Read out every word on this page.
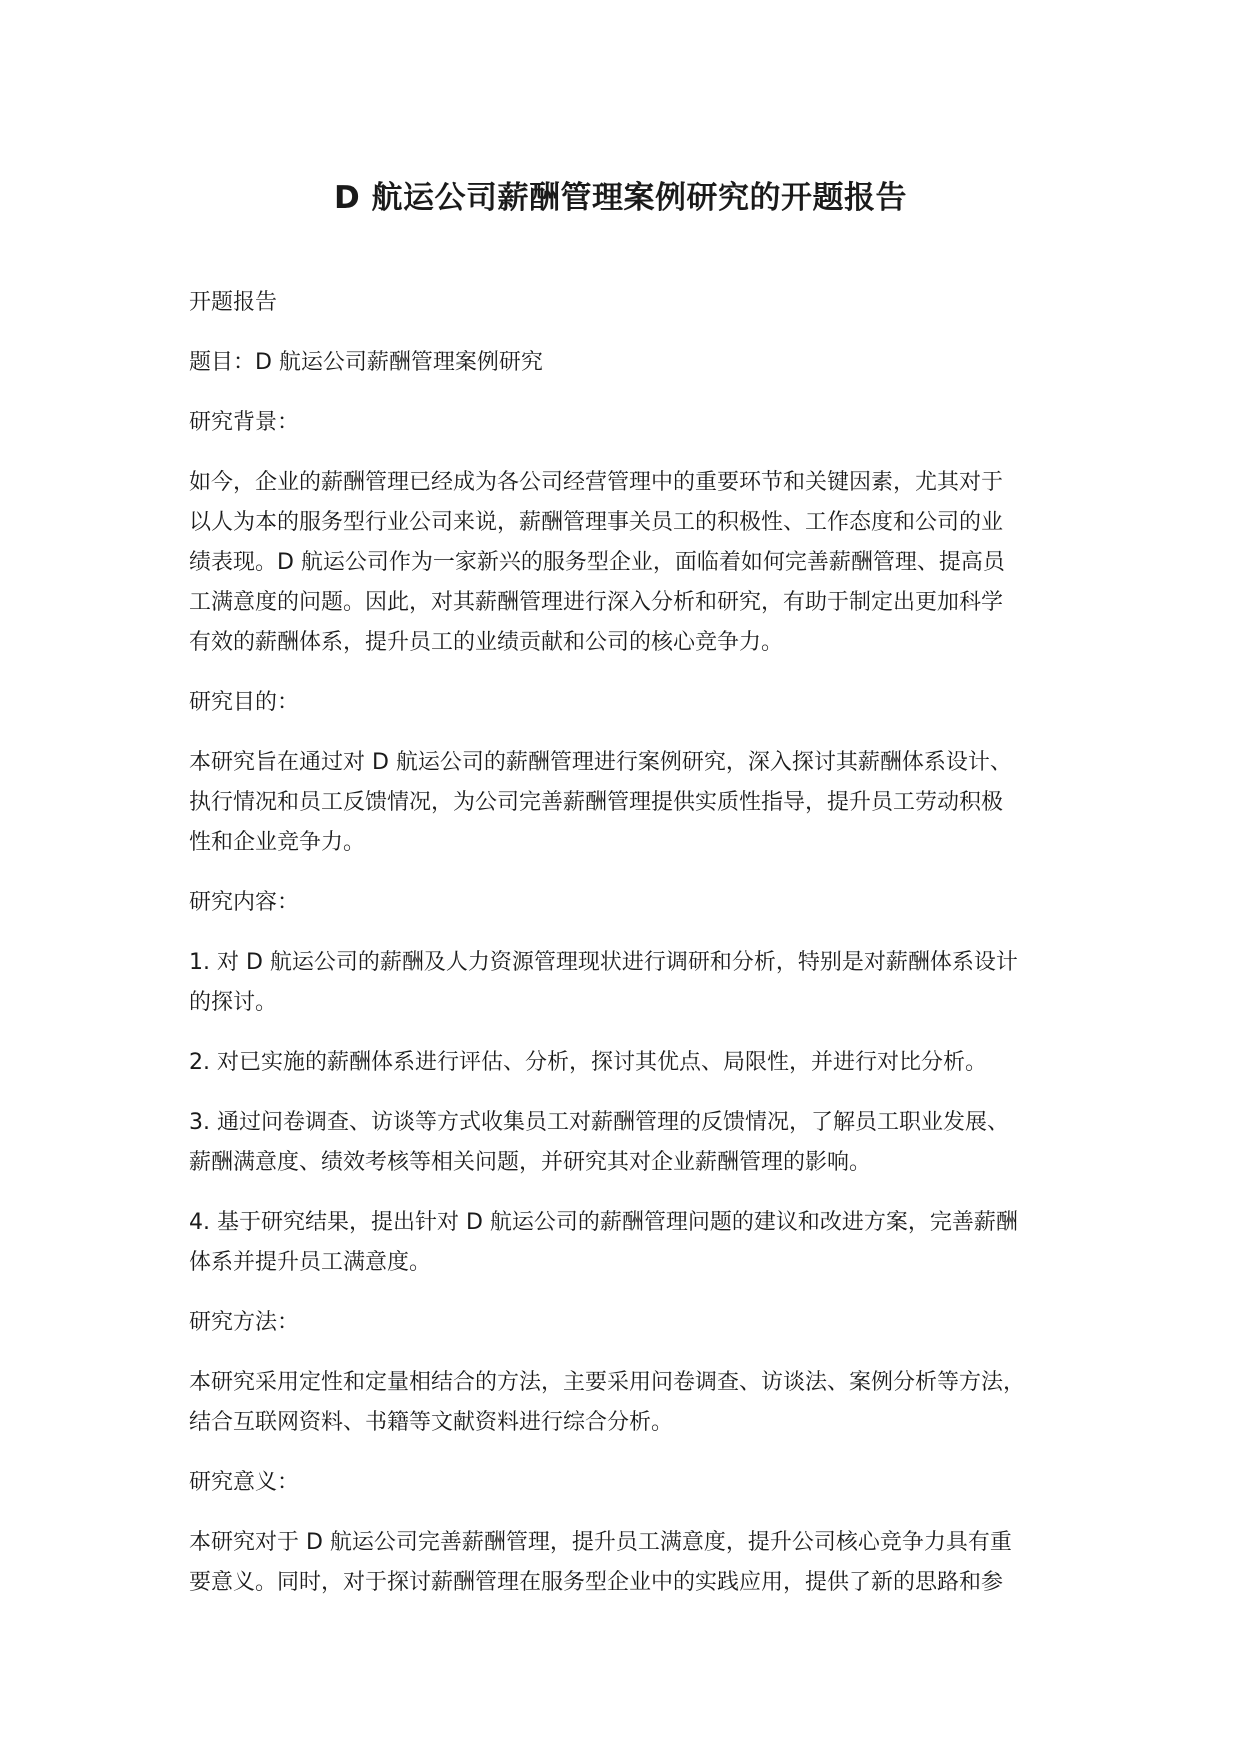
D 航运公司薪酬管理案例研究的开题报告
开题报告
题目：D 航运公司薪酬管理案例研究
研究背景：
如今，企业的薪酬管理已经成为各公司经营管理中的重要环节和关键因素，尤其对于
以人为本的服务型行业公司来说，薪酬管理事关员工的积极性、工作态度和公司的业
绩表现。D 航运公司作为一家新兴的服务型企业，面临着如何完善薪酬管理、提高员
工满意度的问题。因此，对其薪酬管理进行深入分析和研究，有助于制定出更加科学
有效的薪酬体系，提升员工的业绩贡献和公司的核心竞争力。
研究目的：
本研究旨在通过对 D 航运公司的薪酬管理进行案例研究，深入探讨其薪酬体系设计、
执行情况和员工反馈情况，为公司完善薪酬管理提供实质性指导，提升员工劳动积极
性和企业竞争力。
研究内容：
1. 对 D 航运公司的薪酬及人力资源管理现状进行调研和分析，特别是对薪酬体系设计
的探讨。
2. 对已实施的薪酬体系进行评估、分析，探讨其优点、局限性，并进行对比分析。
3. 通过问卷调查、访谈等方式收集员工对薪酬管理的反馈情况，了解员工职业发展、
薪酬满意度、绩效考核等相关问题，并研究其对企业薪酬管理的影响。
4. 基于研究结果，提出针对 D 航运公司的薪酬管理问题的建议和改进方案，完善薪酬
体系并提升员工满意度。
研究方法：
本研究采用定性和定量相结合的方法，主要采用问卷调查、访谈法、案例分析等方法，
结合互联网资料、书籍等文献资料进行综合分析。
研究意义：
本研究对于 D 航运公司完善薪酬管理，提升员工满意度，提升公司核心竞争力具有重
要意义。同时，对于探讨薪酬管理在服务型企业中的实践应用，提供了新的思路和参
